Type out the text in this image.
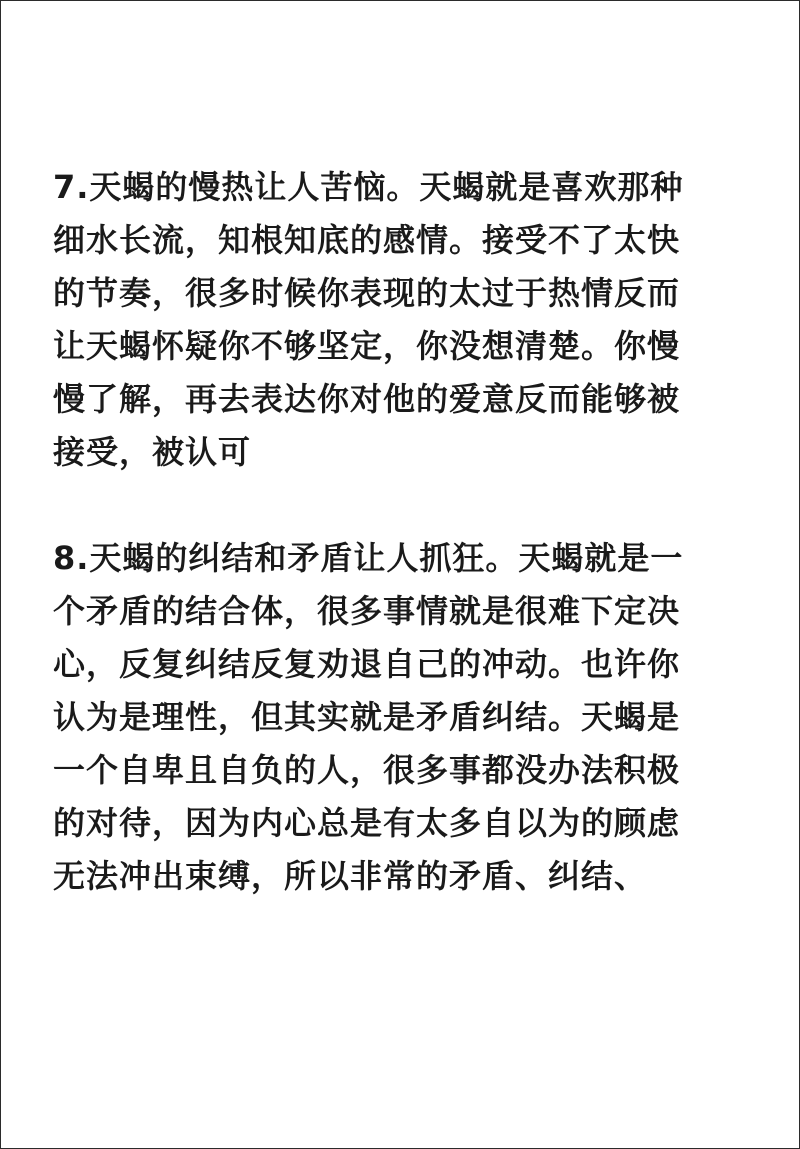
7.天蝎的慢热让人苦恼。天蝎就是喜欢那种
细水长流，知根知底的感情。接受不了太快
的节奏，很多时候你表现的太过于热情反而
让天蝎怀疑你不够坚定，你没想清楚。你慢
慢了解，再去表达你对他的爱意反而能够被
接受，被认可
8.天蝎的纠结和矛盾让人抓狂。天蝎就是一
个矛盾的结合体，很多事情就是很难下定决
心，反复纠结反复劝退自己的冲动。也许你
认为是理性，但其实就是矛盾纠结。天蝎是
一个自卑且自负的人，很多事都没办法积极
的对待，因为内心总是有太多自以为的顾虑
无法冲出束缚，所以非常的矛盾、纠结、
